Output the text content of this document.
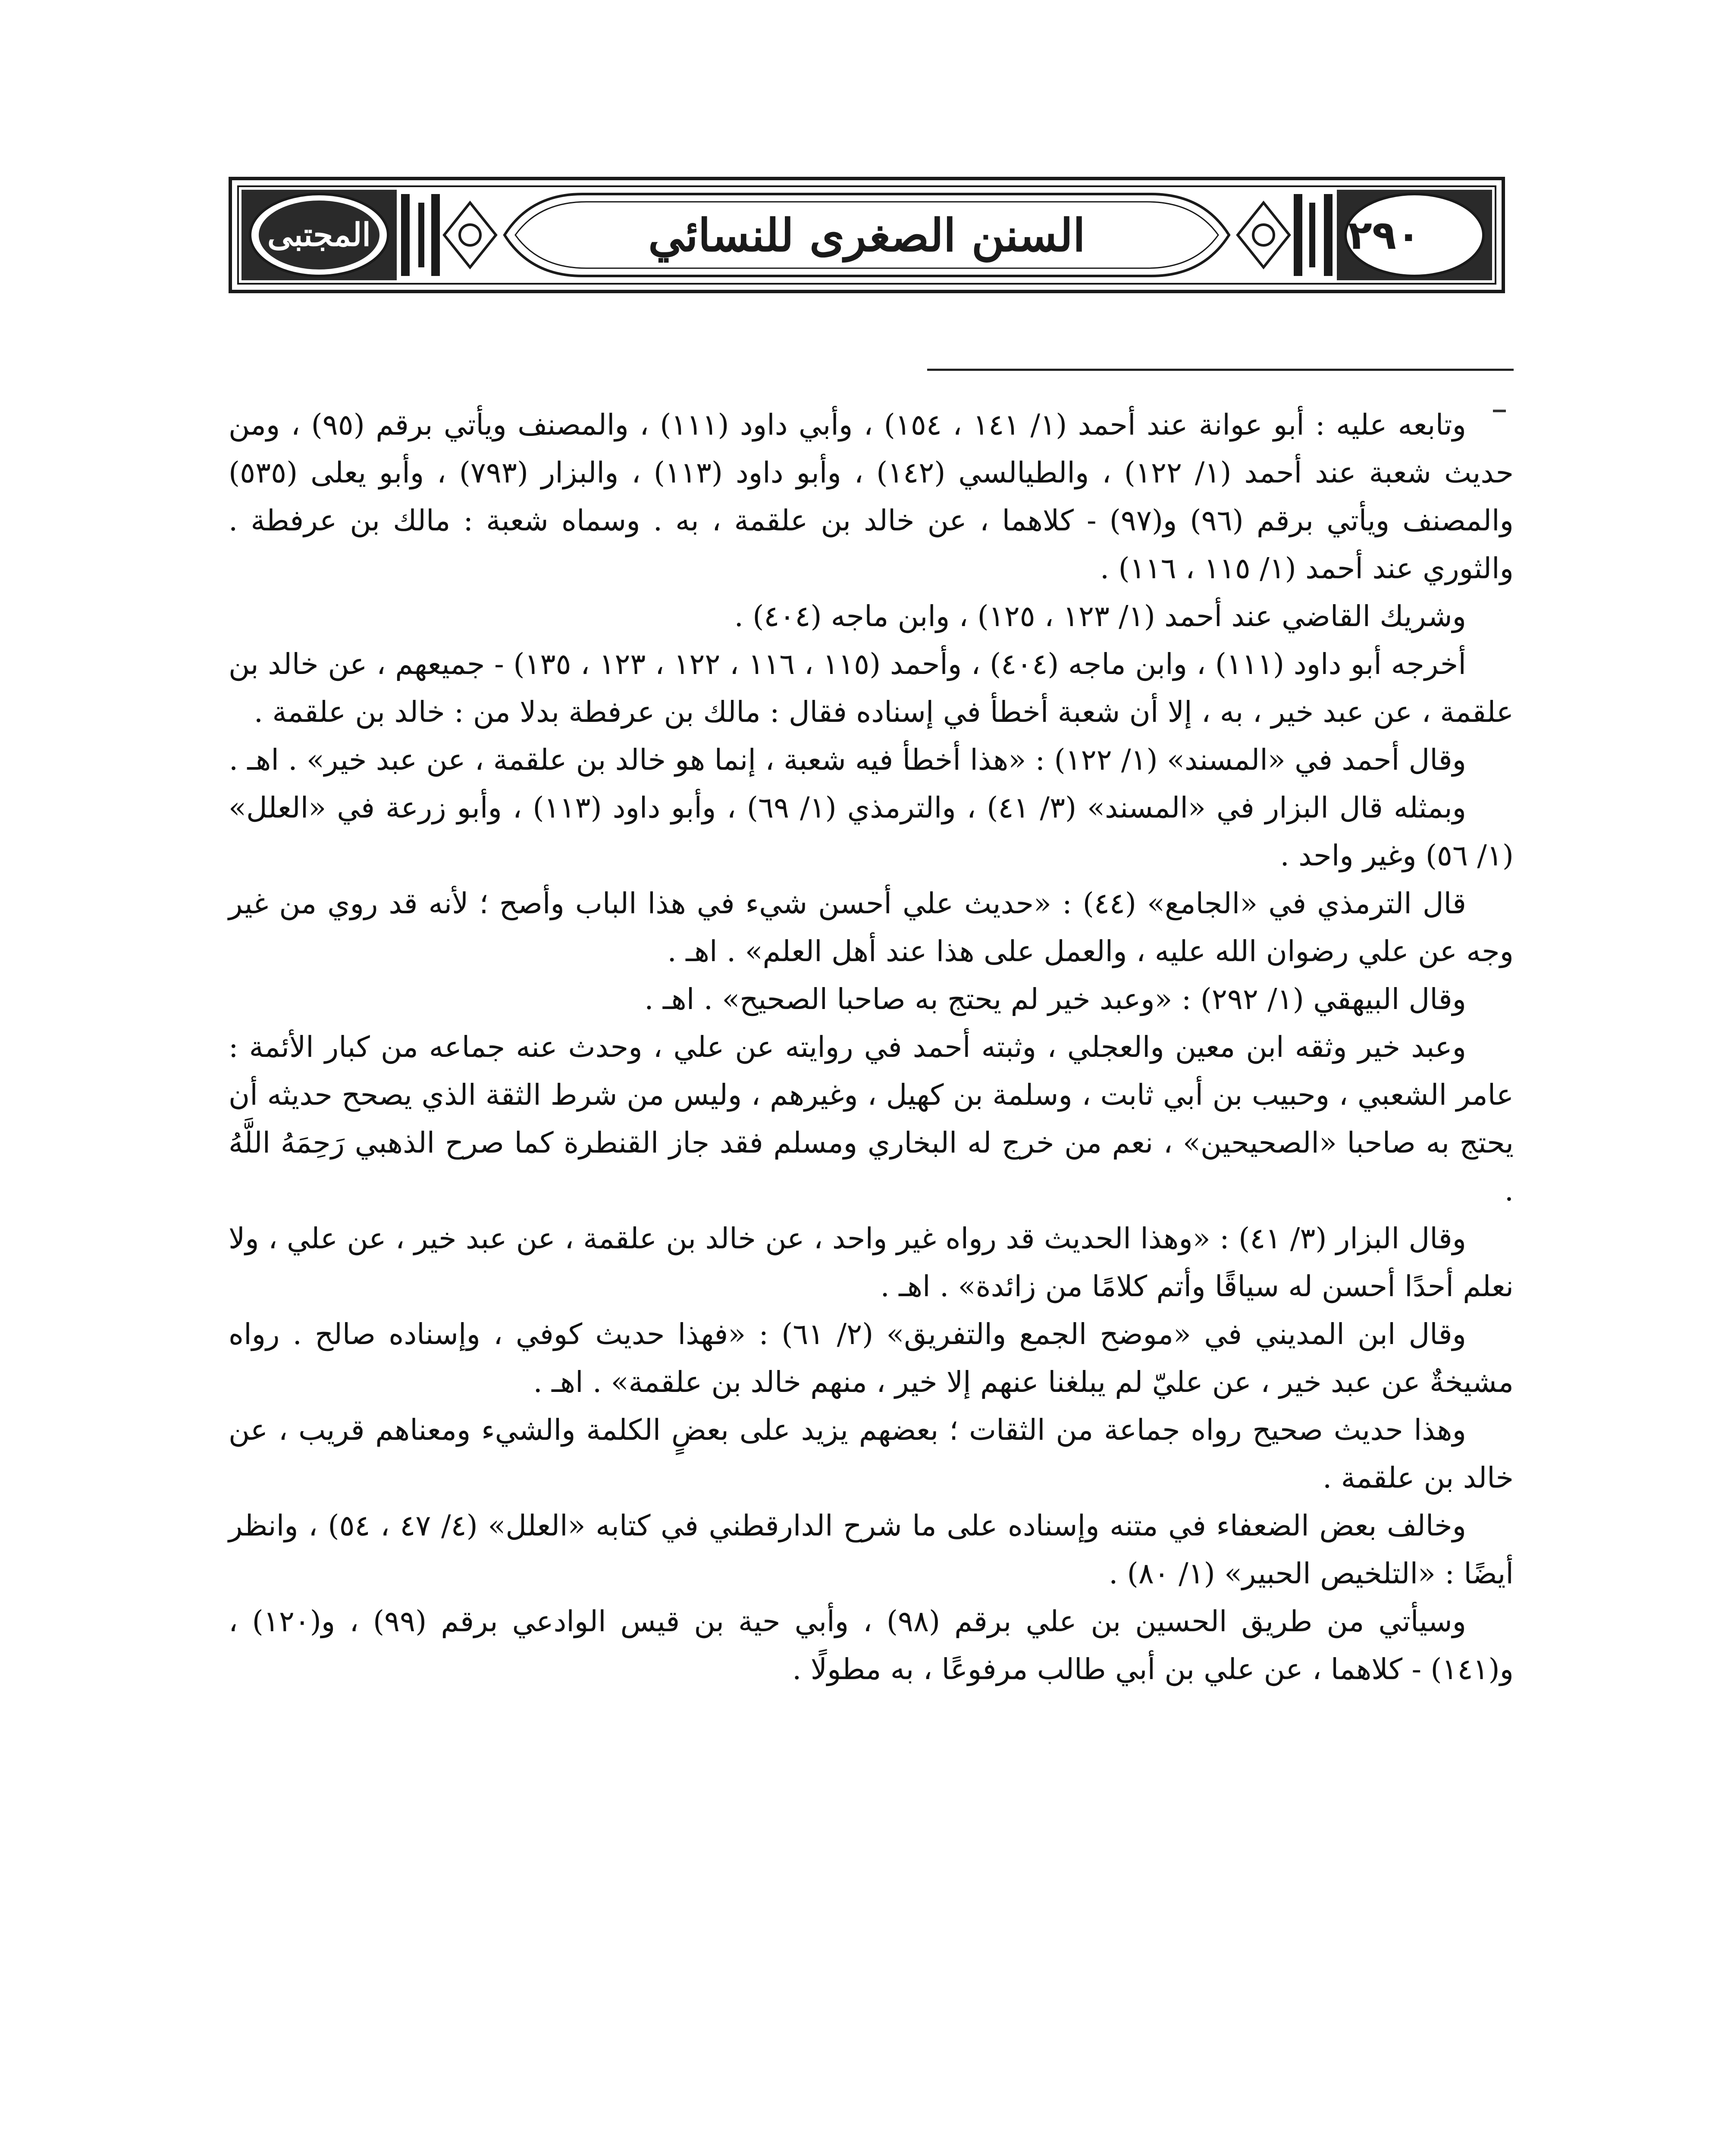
السنن الصغرى للنسائي	٢٩٠
المجتبى

وتابعه عليه : أبو عوانة عند أحمد (١/ ١٤١ ، ١٥٤) ، وأبي داود (١١١) ، والمصنف ويأتي برقم (٩٥) ، ومن حديث شعبة عند أحمد (١/ ١٢٢) ، والطيالسي (١٤٢) ، وأبو داود (١١٣) ، والبزار (٧٩٣) ، وأبو يعلى (٥٣٥) والمصنف ويأتي برقم (٩٦) و(٩٧) - كلاهما ، عن خالد بن علقمة ، به . وسماه شعبة : مالك بن عرفطة . والثوري عند أحمد (١/ ١١٥ ، ١١٦) .

وشريك القاضي عند أحمد (١/ ١٢٣ ، ١٢٥) ، وابن ماجه (٤٠٤) .

أخرجه أبو داود (١١١) ، وابن ماجه (٤٠٤) ، وأحمد (١١٥ ، ١١٦ ، ١٢٢ ، ١٢٣ ، ١٣٥) - جميعهم ، عن خالد بن علقمة ، عن عبد خير ، به ، إلا أن شعبة أخطأ في إسناده فقال : مالك بن عرفطة بدلا من : خالد بن علقمة .

وقال أحمد في «المسند» (١/ ١٢٢) : «هذا أخطأ فيه شعبة ، إنما هو خالد بن علقمة ، عن عبد خير» . اهـ .

وبمثله قال البزار في «المسند» (٣/ ٤١) ، والترمذي (١/ ٦٩) ، وأبو داود (١١٣) ، وأبو زرعة في «العلل» (١/ ٥٦) وغير واحد .

قال الترمذي في «الجامع» (٤٤) : «حديث علي أحسن شيء في هذا الباب وأصح ؛ لأنه قد روي من غير وجه عن علي رضوان الله عليه ، والعمل على هذا عند أهل العلم» . اهـ .

وقال البيهقي (١/ ٢٩٢) : «وعبد خير لم يحتج به صاحبا الصحيح» . اهـ .

وعبد خير وثقه ابن معين والعجلي ، وثبته أحمد في روايته عن علي ، وحدث عنه جماعه من كبار الأئمة : عامر الشعبي ، وحبيب بن أبي ثابت ، وسلمة بن كهيل ، وغيرهم ، وليس من شرط الثقة الذي يصحح حديثه أن يحتج به صاحبا «الصحيحين» ، نعم من خرج له البخاري ومسلم فقد جاز القنطرة كما صرح الذهبي رَحِمَهُ اللَّهُ .

وقال البزار (٣/ ٤١) : «وهذا الحديث قد رواه غير واحد ، عن خالد بن علقمة ، عن عبد خير ، عن علي ، ولا نعلم أحدًا أحسن له سياقًا وأتم كلامًا من زائدة» . اهـ .

وقال ابن المديني في «موضح الجمع والتفريق» (٢/ ٦١) : «فهذا حديث كوفي ، وإسناده صالح . رواه مشيخةٌ عن عبد خير ، عن عليّ لم يبلغنا عنهم إلا خير ، منهم خالد بن علقمة» . اهـ .

وهذا حديث صحيح رواه جماعة من الثقات ؛ بعضهم يزيد على بعضٍ الكلمة والشيء ومعناهم قريب ، عن خالد بن علقمة .

وخالف بعض الضعفاء في متنه وإسناده على ما شرح الدارقطني في كتابه «العلل» (٤/ ٤٧ ، ٥٤) ، وانظر أيضًا : «التلخيص الحبير» (١/ ٨٠) .

وسيأتي من طريق الحسين بن علي برقم (٩٨) ، وأبي حية بن قيس الوادعي برقم (٩٩) ، و(١٢٠) ، و(١٤١) - كلاهما ، عن علي بن أبي طالب مرفوعًا ، به مطولًا .
